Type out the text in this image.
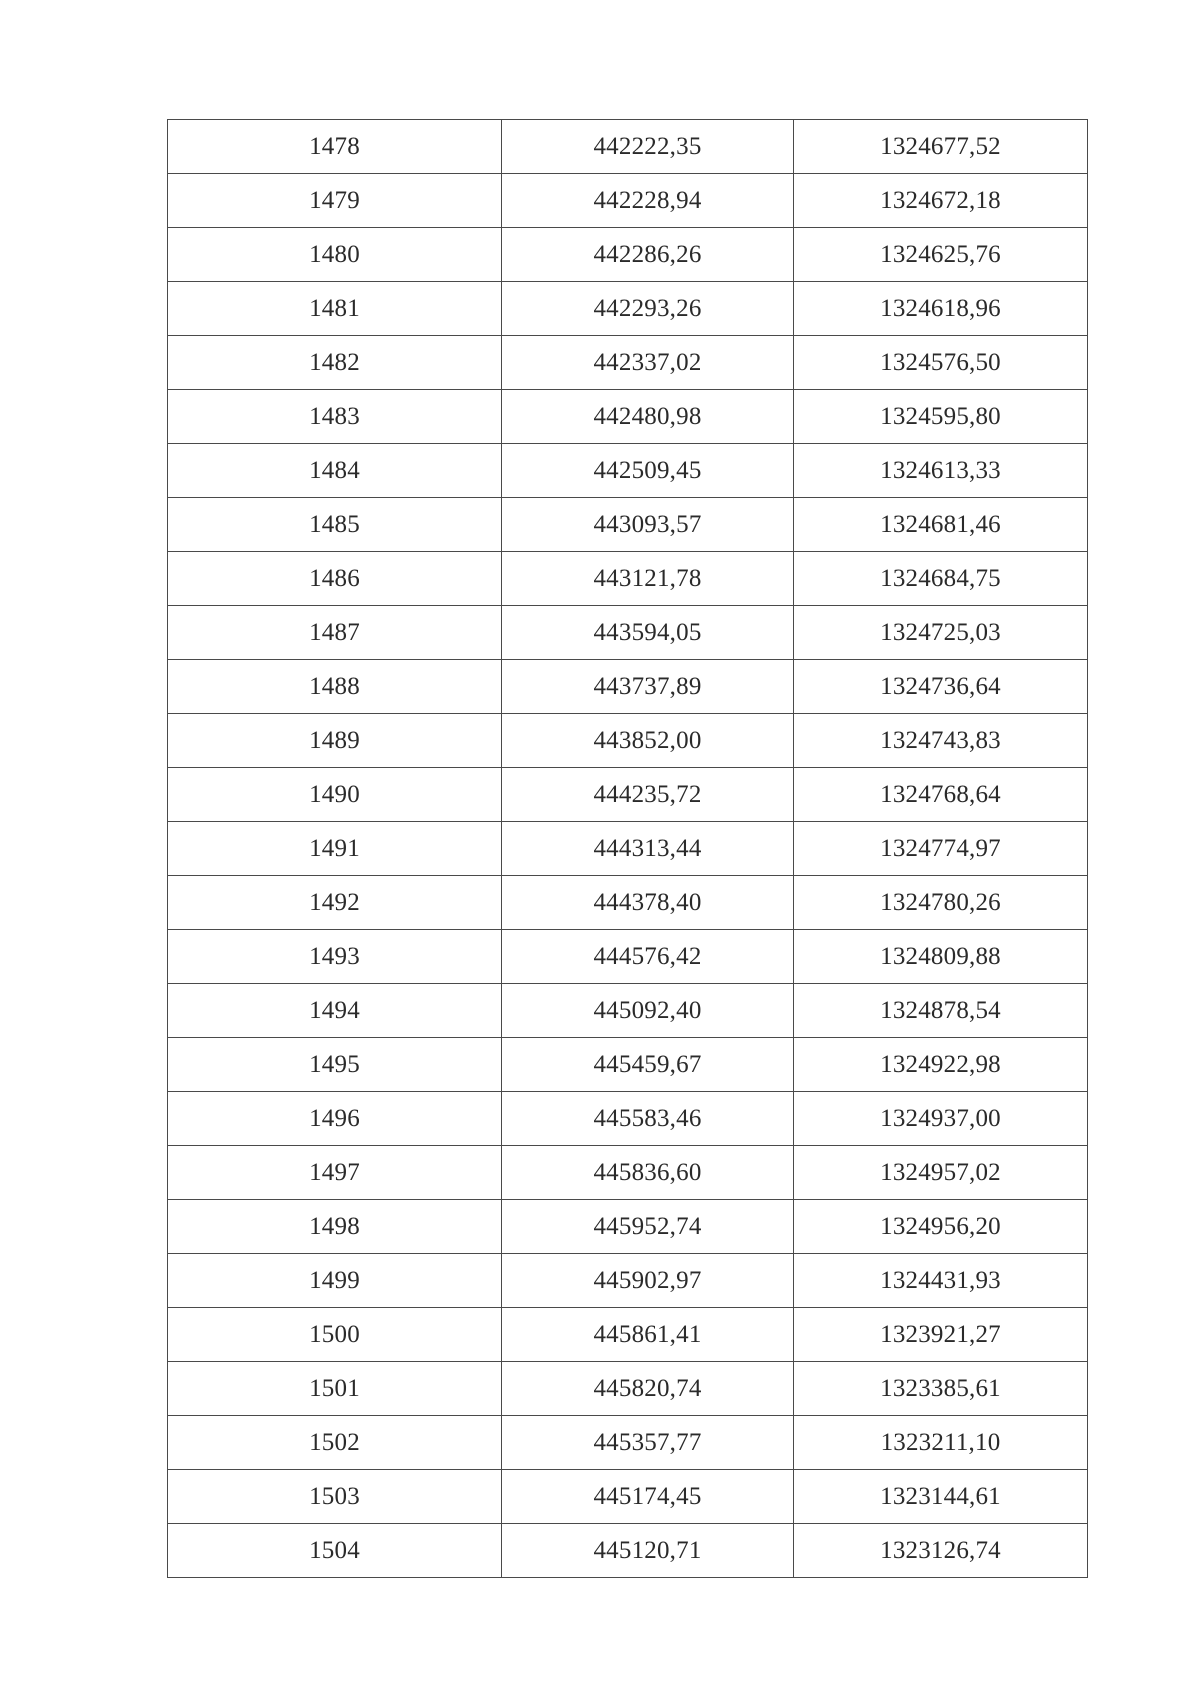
1478	442222,35	1324677,52
1479	442228,94	1324672,18
1480	442286,26	1324625,76
1481	442293,26	1324618,96
1482	442337,02	1324576,50
1483	442480,98	1324595,80
1484	442509,45	1324613,33
1485	443093,57	1324681,46
1486	443121,78	1324684,75
1487	443594,05	1324725,03
1488	443737,89	1324736,64
1489	443852,00	1324743,83
1490	444235,72	1324768,64
1491	444313,44	1324774,97
1492	444378,40	1324780,26
1493	444576,42	1324809,88
1494	445092,40	1324878,54
1495	445459,67	1324922,98
1496	445583,46	1324937,00
1497	445836,60	1324957,02
1498	445952,74	1324956,20
1499	445902,97	1324431,93
1500	445861,41	1323921,27
1501	445820,74	1323385,61
1502	445357,77	1323211,10
1503	445174,45	1323144,61
1504	445120,71	1323126,74
